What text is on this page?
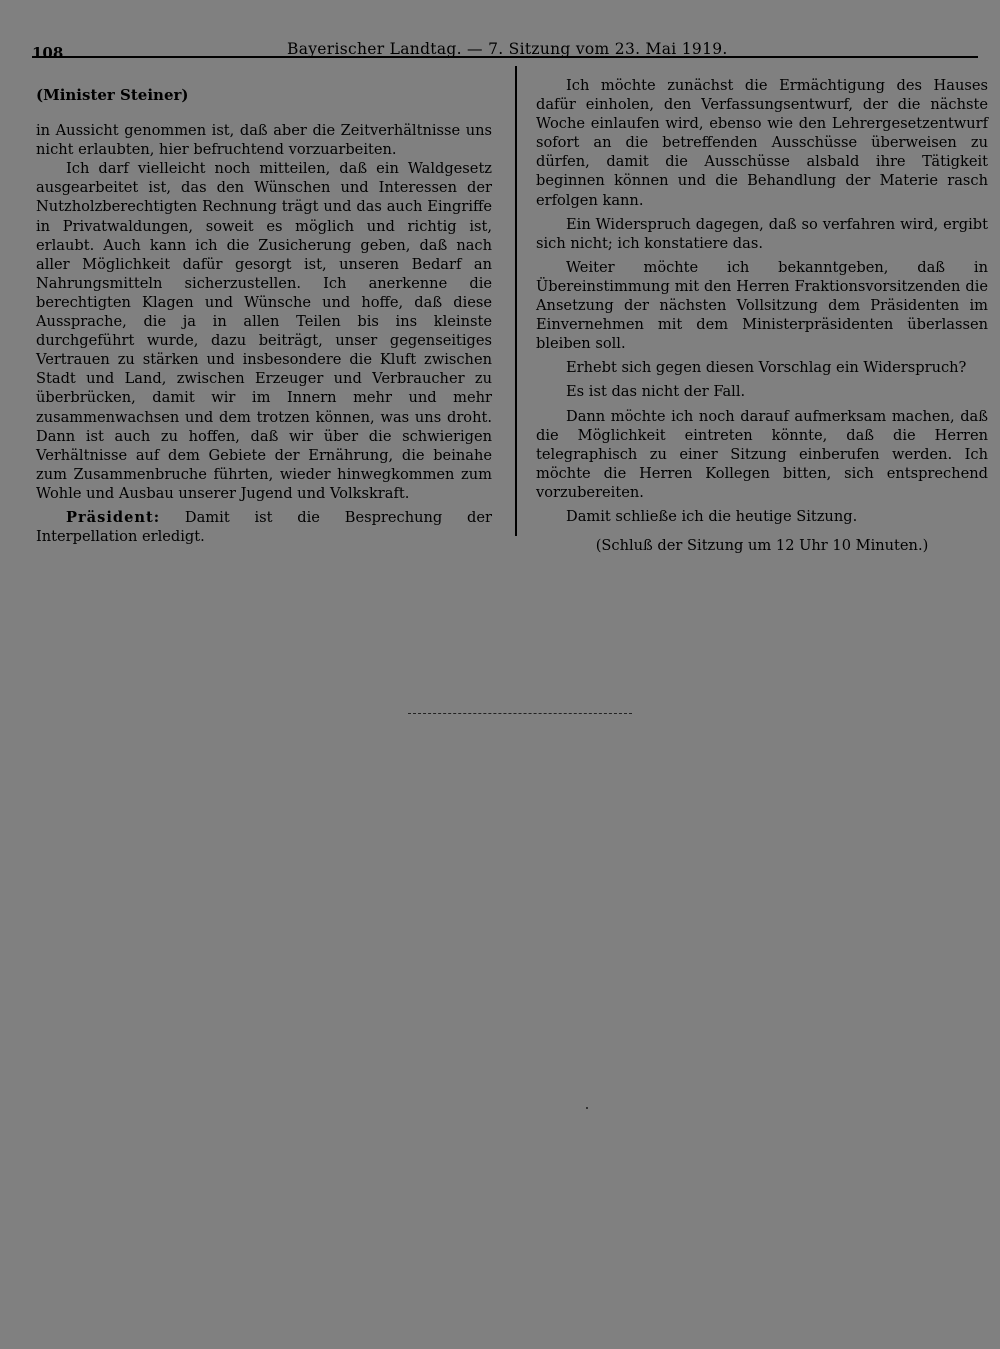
108	Bayerischer Landtag. — 7. Sitzung vom 23. Mai 1919.

(Minister Steiner)

in Aussicht genommen ist, daß aber die Zeitverhältnisse uns nicht erlaubten, hier befruchtend vorzuarbeiten.

Ich darf vielleicht noch mitteilen, daß ein Waldgesetz ausgearbeitet ist, das den Wünschen und Interessen der Nutzholzberechtigten Rechnung trägt und das auch Eingriffe in Privatwaldungen, soweit es möglich und richtig ist, erlaubt. Auch kann ich die Zusicherung geben, daß nach aller Möglichkeit dafür gesorgt ist, unseren Bedarf an Nahrungsmitteln sicherzustellen. Ich anerkenne die berechtigten Klagen und Wünsche und hoffe, daß diese Aussprache, die ja in allen Teilen bis ins kleinste durchgeführt wurde, dazu beiträgt, unser gegenseitiges Vertrauen zu stärken und insbesondere die Kluft zwischen Stadt und Land, zwischen Erzeuger und Verbraucher zu überbrücken, damit wir im Innern mehr und mehr zusammenwachsen und dem trotzen können, was uns droht. Dann ist auch zu hoffen, daß wir über die schwierigen Verhältnisse auf dem Gebiete der Ernährung, die beinahe zum Zusammenbruche führten, wieder hinwegkommen zum Wohle und Ausbau unserer Jugend und Volkskraft.

Präsident: Damit ist die Besprechung der Interpellation erledigt.

Ich möchte zunächst die Ermächtigung des Hauses dafür einholen, den Verfassungsentwurf, der die nächste Woche einlaufen wird, ebenso wie den Lehrergesetzentwurf sofort an die betreffenden Ausschüsse überweisen zu dürfen, damit die Ausschüsse alsbald ihre Tätigkeit beginnen können und die Behandlung der Materie rasch erfolgen kann.

Ein Widerspruch dagegen, daß so verfahren wird, ergibt sich nicht; ich konstatiere das.

Weiter möchte ich bekanntgeben, daß in Übereinstimmung mit den Herren Fraktionsvorsitzenden die Ansetzung der nächsten Vollsitzung dem Präsidenten im Einvernehmen mit dem Ministerpräsidenten überlassen bleiben soll.

Erhebt sich gegen diesen Vorschlag ein Widerspruch?

Es ist das nicht der Fall.

Dann möchte ich noch darauf aufmerksam machen, daß die Möglichkeit eintreten könnte, daß die Herren telegraphisch zu einer Sitzung einberufen werden. Ich möchte die Herren Kollegen bitten, sich entsprechend vorzubereiten.

Damit schließe ich die heutige Sitzung.

(Schluß der Sitzung um 12 Uhr 10 Minuten.)
